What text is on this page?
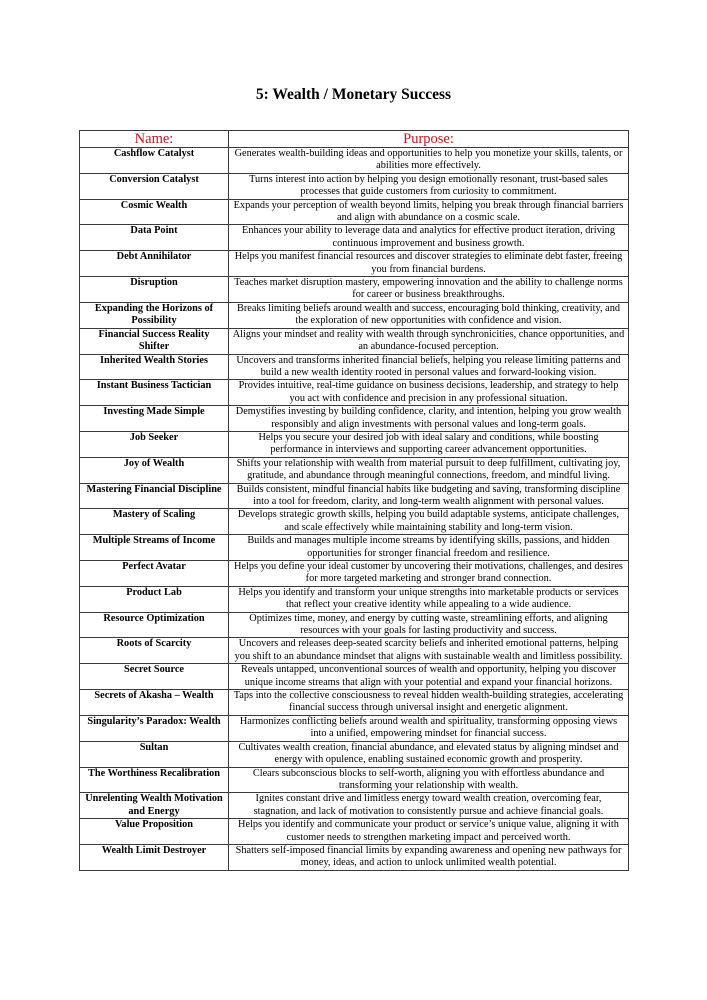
5: Wealth / Monetary Success
Name:	Purpose:
Cashflow Catalyst	Generates wealth-building ideas and opportunities to help you monetize your skills, talents, or abilities more effectively.
Conversion Catalyst	Turns interest into action by helping you design emotionally resonant, trust-based sales processes that guide customers from curiosity to commitment.
Cosmic Wealth	Expands your perception of wealth beyond limits, helping you break through financial barriers and align with abundance on a cosmic scale.
Data Point	Enhances your ability to leverage data and analytics for effective product iteration, driving continuous improvement and business growth.
Debt Annihilator	Helps you manifest financial resources and discover strategies to eliminate debt faster, freeing you from financial burdens.
Disruption	Teaches market disruption mastery, empowering innovation and the ability to challenge norms for career or business breakthroughs.
Expanding the Horizons of Possibility	Breaks limiting beliefs around wealth and success, encouraging bold thinking, creativity, and the exploration of new opportunities with confidence and vision.
Financial Success Reality Shifter	Aligns your mindset and reality with wealth through synchronicities, chance opportunities, and an abundance-focused perception.
Inherited Wealth Stories	Uncovers and transforms inherited financial beliefs, helping you release limiting patterns and build a new wealth identity rooted in personal values and forward-looking vision.
Instant Business Tactician	Provides intuitive, real-time guidance on business decisions, leadership, and strategy to help you act with confidence and precision in any professional situation.
Investing Made Simple	Demystifies investing by building confidence, clarity, and intention, helping you grow wealth responsibly and align investments with personal values and long-term goals.
Job Seeker	Helps you secure your desired job with ideal salary and conditions, while boosting performance in interviews and supporting career advancement opportunities.
Joy of Wealth	Shifts your relationship with wealth from material pursuit to deep fulfillment, cultivating joy, gratitude, and abundance through meaningful connections, freedom, and mindful living.
Mastering Financial Discipline	Builds consistent, mindful financial habits like budgeting and saving, transforming discipline into a tool for freedom, clarity, and long-term wealth alignment with personal values.
Mastery of Scaling	Develops strategic growth skills, helping you build adaptable systems, anticipate challenges, and scale effectively while maintaining stability and long-term vision.
Multiple Streams of Income	Builds and manages multiple income streams by identifying skills, passions, and hidden opportunities for stronger financial freedom and resilience.
Perfect Avatar	Helps you define your ideal customer by uncovering their motivations, challenges, and desires for more targeted marketing and stronger brand connection.
Product Lab	Helps you identify and transform your unique strengths into marketable products or services that reflect your creative identity while appealing to a wide audience.
Resource Optimization	Optimizes time, money, and energy by cutting waste, streamlining efforts, and aligning resources with your goals for lasting productivity and success.
Roots of Scarcity	Uncovers and releases deep-seated scarcity beliefs and inherited emotional patterns, helping you shift to an abundance mindset that aligns with sustainable wealth and limitless possibility.
Secret Source	Reveals untapped, unconventional sources of wealth and opportunity, helping you discover unique income streams that align with your potential and expand your financial horizons.
Secrets of Akasha – Wealth	Taps into the collective consciousness to reveal hidden wealth-building strategies, accelerating financial success through universal insight and energetic alignment.
Singularity’s Paradox: Wealth	Harmonizes conflicting beliefs around wealth and spirituality, transforming opposing views into a unified, empowering mindset for financial success.
Sultan	Cultivates wealth creation, financial abundance, and elevated status by aligning mindset and energy with opulence, enabling sustained economic growth and prosperity.
The Worthiness Recalibration	Clears subconscious blocks to self-worth, aligning you with effortless abundance and transforming your relationship with wealth.
Unrelenting Wealth Motivation and Energy	Ignites constant drive and limitless energy toward wealth creation, overcoming fear, stagnation, and lack of motivation to consistently pursue and achieve financial goals.
Value Proposition	Helps you identify and communicate your product or service’s unique value, aligning it with customer needs to strengthen marketing impact and perceived worth.
Wealth Limit Destroyer	Shatters self-imposed financial limits by expanding awareness and opening new pathways for money, ideas, and action to unlock unlimited wealth potential.
